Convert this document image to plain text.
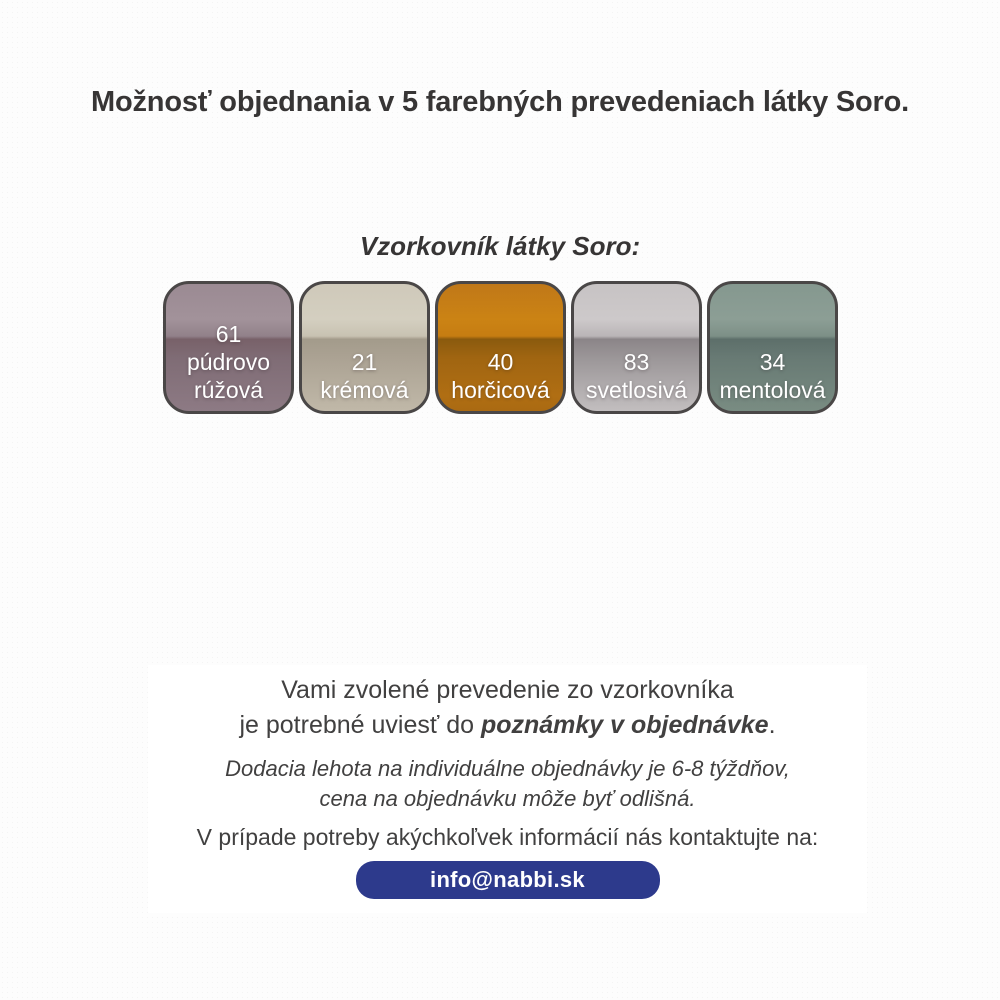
Možnosť objednania v 5 farebných prevedeniach látky Soro.
Vzorkovník látky Soro:
61
púdrovo
rúžová
21
krémová
40
horčicová
83
svetlosivá
34
mentolová
Vami zvolené prevedenie zo vzorkovníka
je potrebné uviesť do poznámky v objednávke.
Dodacia lehota na individuálne objednávky je 6-8 týždňov,
cena na objednávku môže byť odlišná.
V prípade potreby akýchkoľvek informácií nás kontaktujte na:
info@nabbi.sk
